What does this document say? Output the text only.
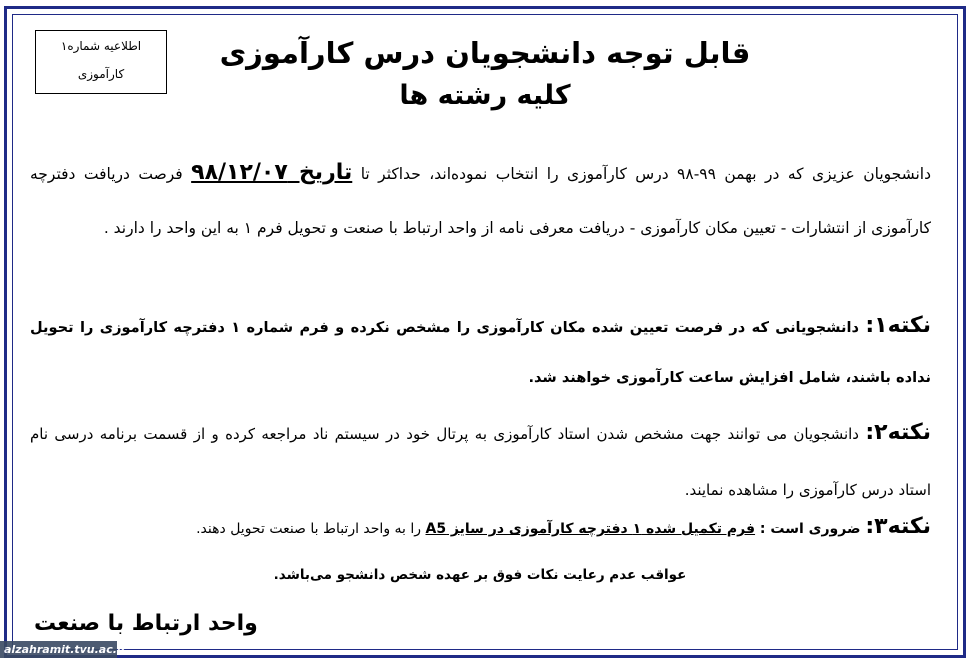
اطلاعیه شماره۱
کارآموزی
قابل توجه دانشجویان درس کارآموزی
کلیه رشته ها
دانشجویان عزیزی که در بهمن ۹۹-۹۸ درس کارآموزی را انتخاب نموده‌اند، حداکثر تا تاریخ ۹۸/۱۲/۰۷ فرصت دریافت دفترچه کارآموزی از انتشارات - تعیین مکان کارآموزی - دریافت معرفی نامه از واحد ارتباط با صنعت و تحویل فرم ۱ به این واحد را دارند .
نکته۱: دانشجویانی که در فرصت تعیین شده مکان کارآموزی را مشخص نکرده و فرم شماره ۱ دفترچه کارآموزی را تحویل نداده باشند، شامل افزایش ساعت کارآموزی خواهند شد.
نکته۲: دانشجویان می توانند جهت مشخص شدن استاد کارآموزی به پرتال خود در سیستم ناد مراجعه کرده و از قسمت برنامه درسی نام استاد درس کارآموزی را مشاهده نمایند.
نکته۳: ضروری است : فرم تکمیل شده ۱ دفترچه کارآموزی در سایز A5 را به واحد ارتباط با صنعت تحویل دهند.
عواقب عدم رعایت نکات فوق بر عهده شخص دانشجو می‌باشد.
واحد ارتباط با صنعت
alzahramit.tvu.ac.ir
